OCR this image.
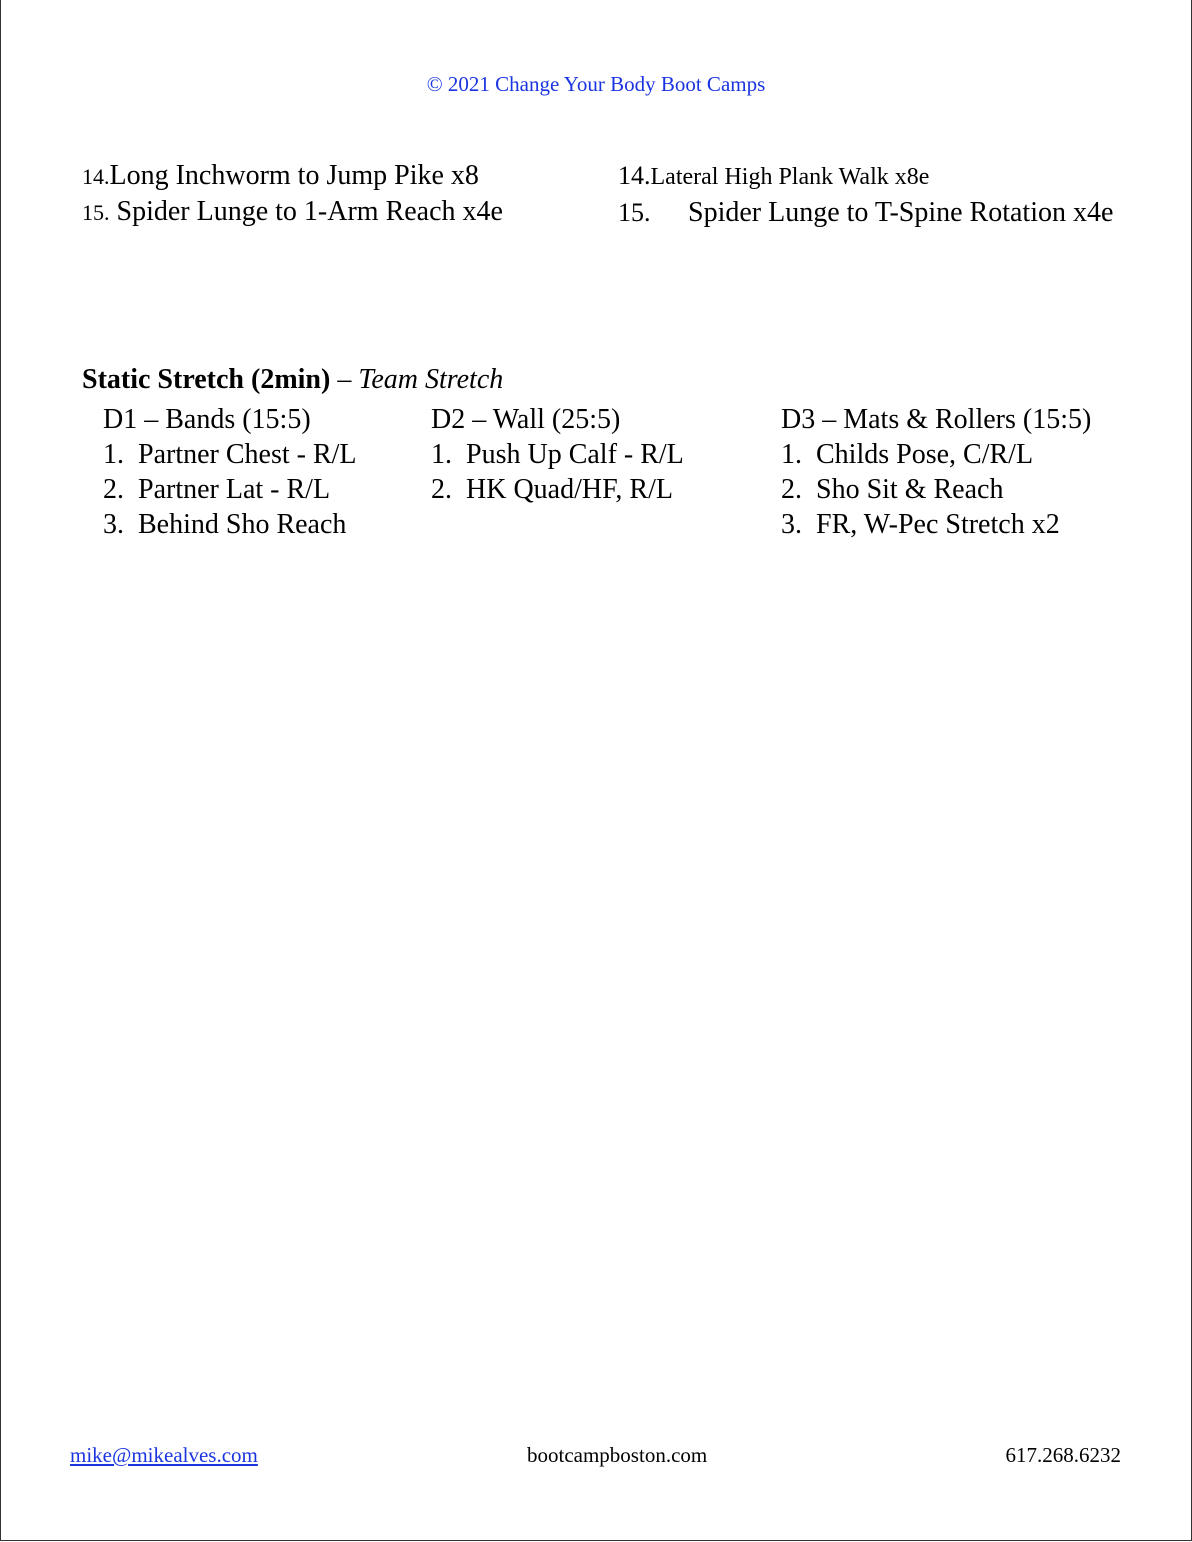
© 2021 Change Your Body Boot Camps
14.Long Inchworm to Jump Pike x8
15. Spider Lunge to 1-Arm Reach x4e
14.Lateral High Plank Walk x8e
15. Spider Lunge to T-Spine Rotation x4e
Static Stretch (2min) – Team Stretch
D1 – Bands (15:5)
1. Partner Chest - R/L
2. Partner Lat - R/L
3. Behind Sho Reach
D2 – Wall (25:5)
1. Push Up Calf - R/L
2. HK Quad/HF, R/L
D3 – Mats & Rollers (15:5)
1. Childs Pose, C/R/L
2. Sho Sit & Reach
3. FR, W-Pec Stretch x2
mike@mikealves.com	bootcampboston.com	617.268.6232
